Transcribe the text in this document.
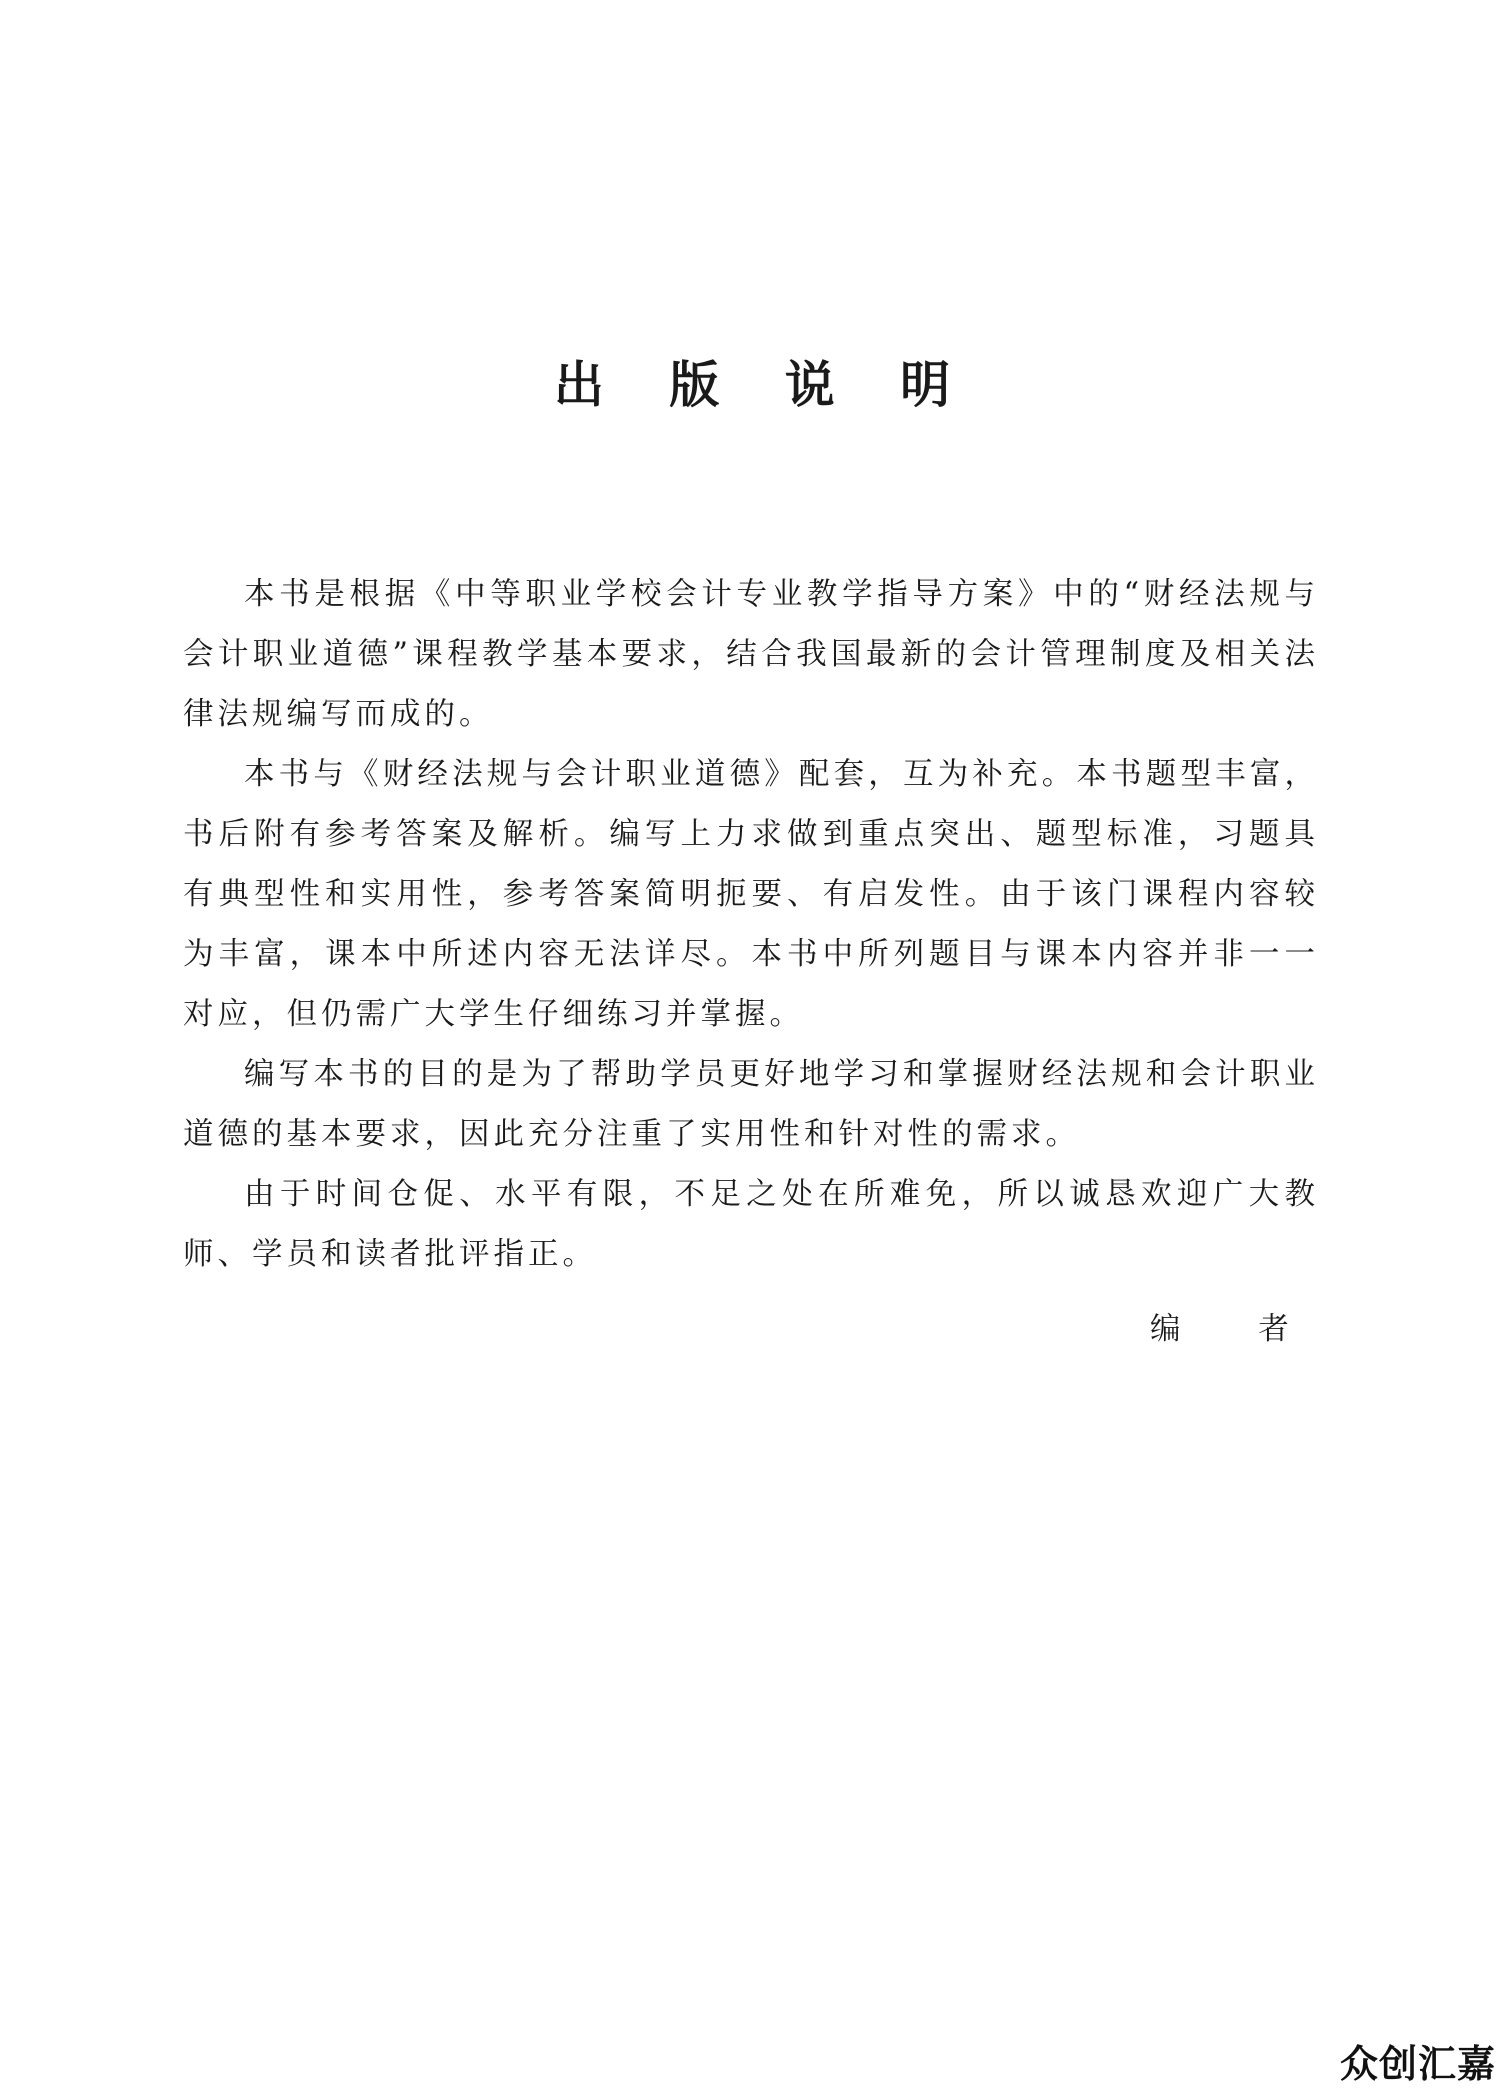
出 版 说 明

本书是根据《中等职业学校会计专业教学指导方案》中的“财经法规与会计职业道德”课程教学基本要求，结合我国最新的会计管理制度及相关法律法规编写而成的。

本书与《财经法规与会计职业道德》配套，互为补充。本书题型丰富，书后附有参考答案及解析。编写上力求做到重点突出、题型标准，习题具有典型性和实用性，参考答案简明扼要、有启发性。由于该门课程内容较为丰富，课本中所述内容无法详尽。本书中所列题目与课本内容并非一一对应，但仍需广大学生仔细练习并掌握。

编写本书的目的是为了帮助学员更好地学习和掌握财经法规和会计职业道德的基本要求，因此充分注重了实用性和针对性的需求。

由于时间仓促、水平有限，不足之处在所难免，所以诚恳欢迎广大教师、学员和读者批评指正。

编 者
众创汇嘉
